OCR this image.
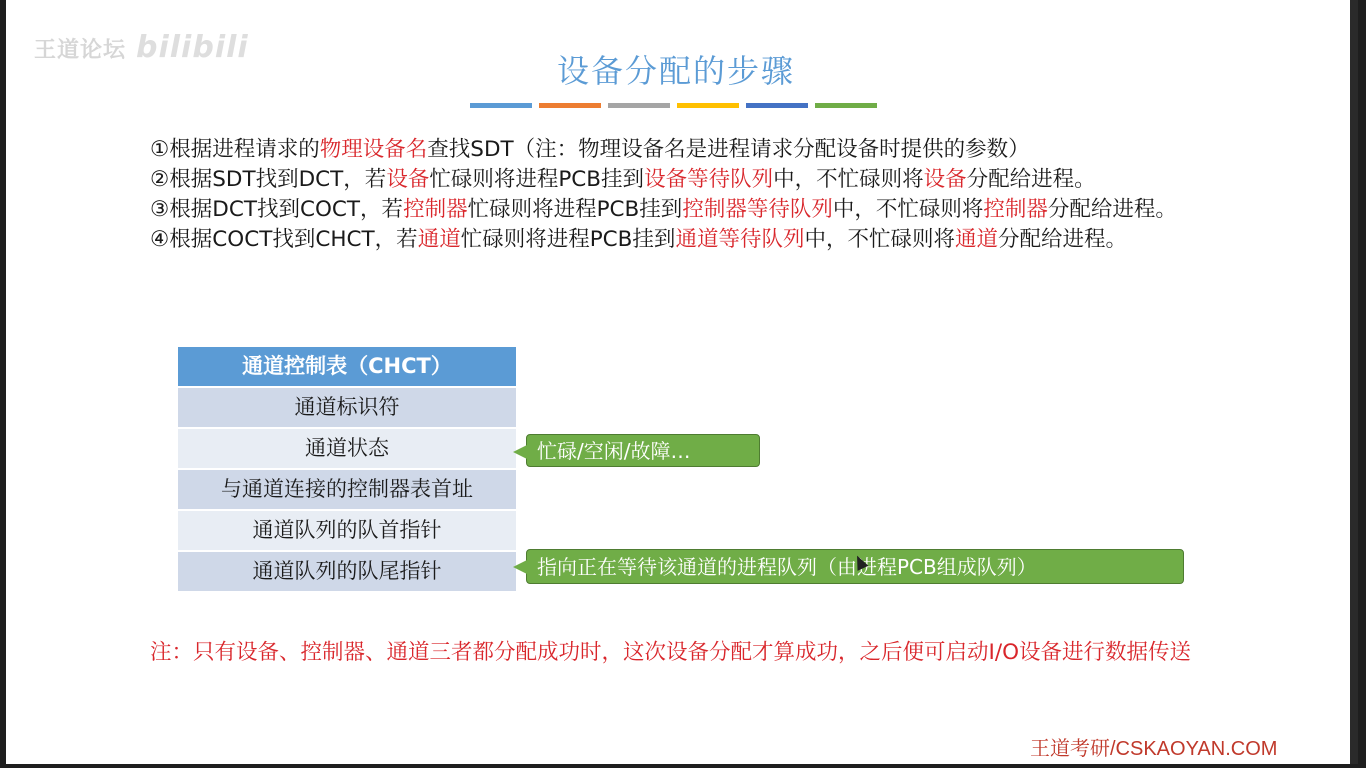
王道论坛 bilibili
设备分配的步骤

①根据进程请求的物理设备名查找SDT（注：物理设备名是进程请求分配设备时提供的参数）

②根据SDT找到DCT，若设备忙碌则将进程PCB挂到设备等待队列中，不忙碌则将设备分配给进程。

③根据DCT找到COCT，若控制器忙碌则将进程PCB挂到控制器等待队列中，不忙碌则将控制器分配给进程。

④根据COCT找到CHCT，若通道忙碌则将进程PCB挂到通道等待队列中，不忙碌则将通道分配给进程。

通道控制表（CHCT）
通道标识符
通道状态
与通道连接的控制器表首址
通道队列的队首指针
通道队列的队尾指针
忙碌/空闲/故障…
指向正在等待该通道的进程队列（由进程PCB组成队列）
注：只有设备、控制器、通道三者都分配成功时，这次设备分配才算成功，之后便可启动I/O设备进行数据传送
王道考研/CSKAOYAN.COM
